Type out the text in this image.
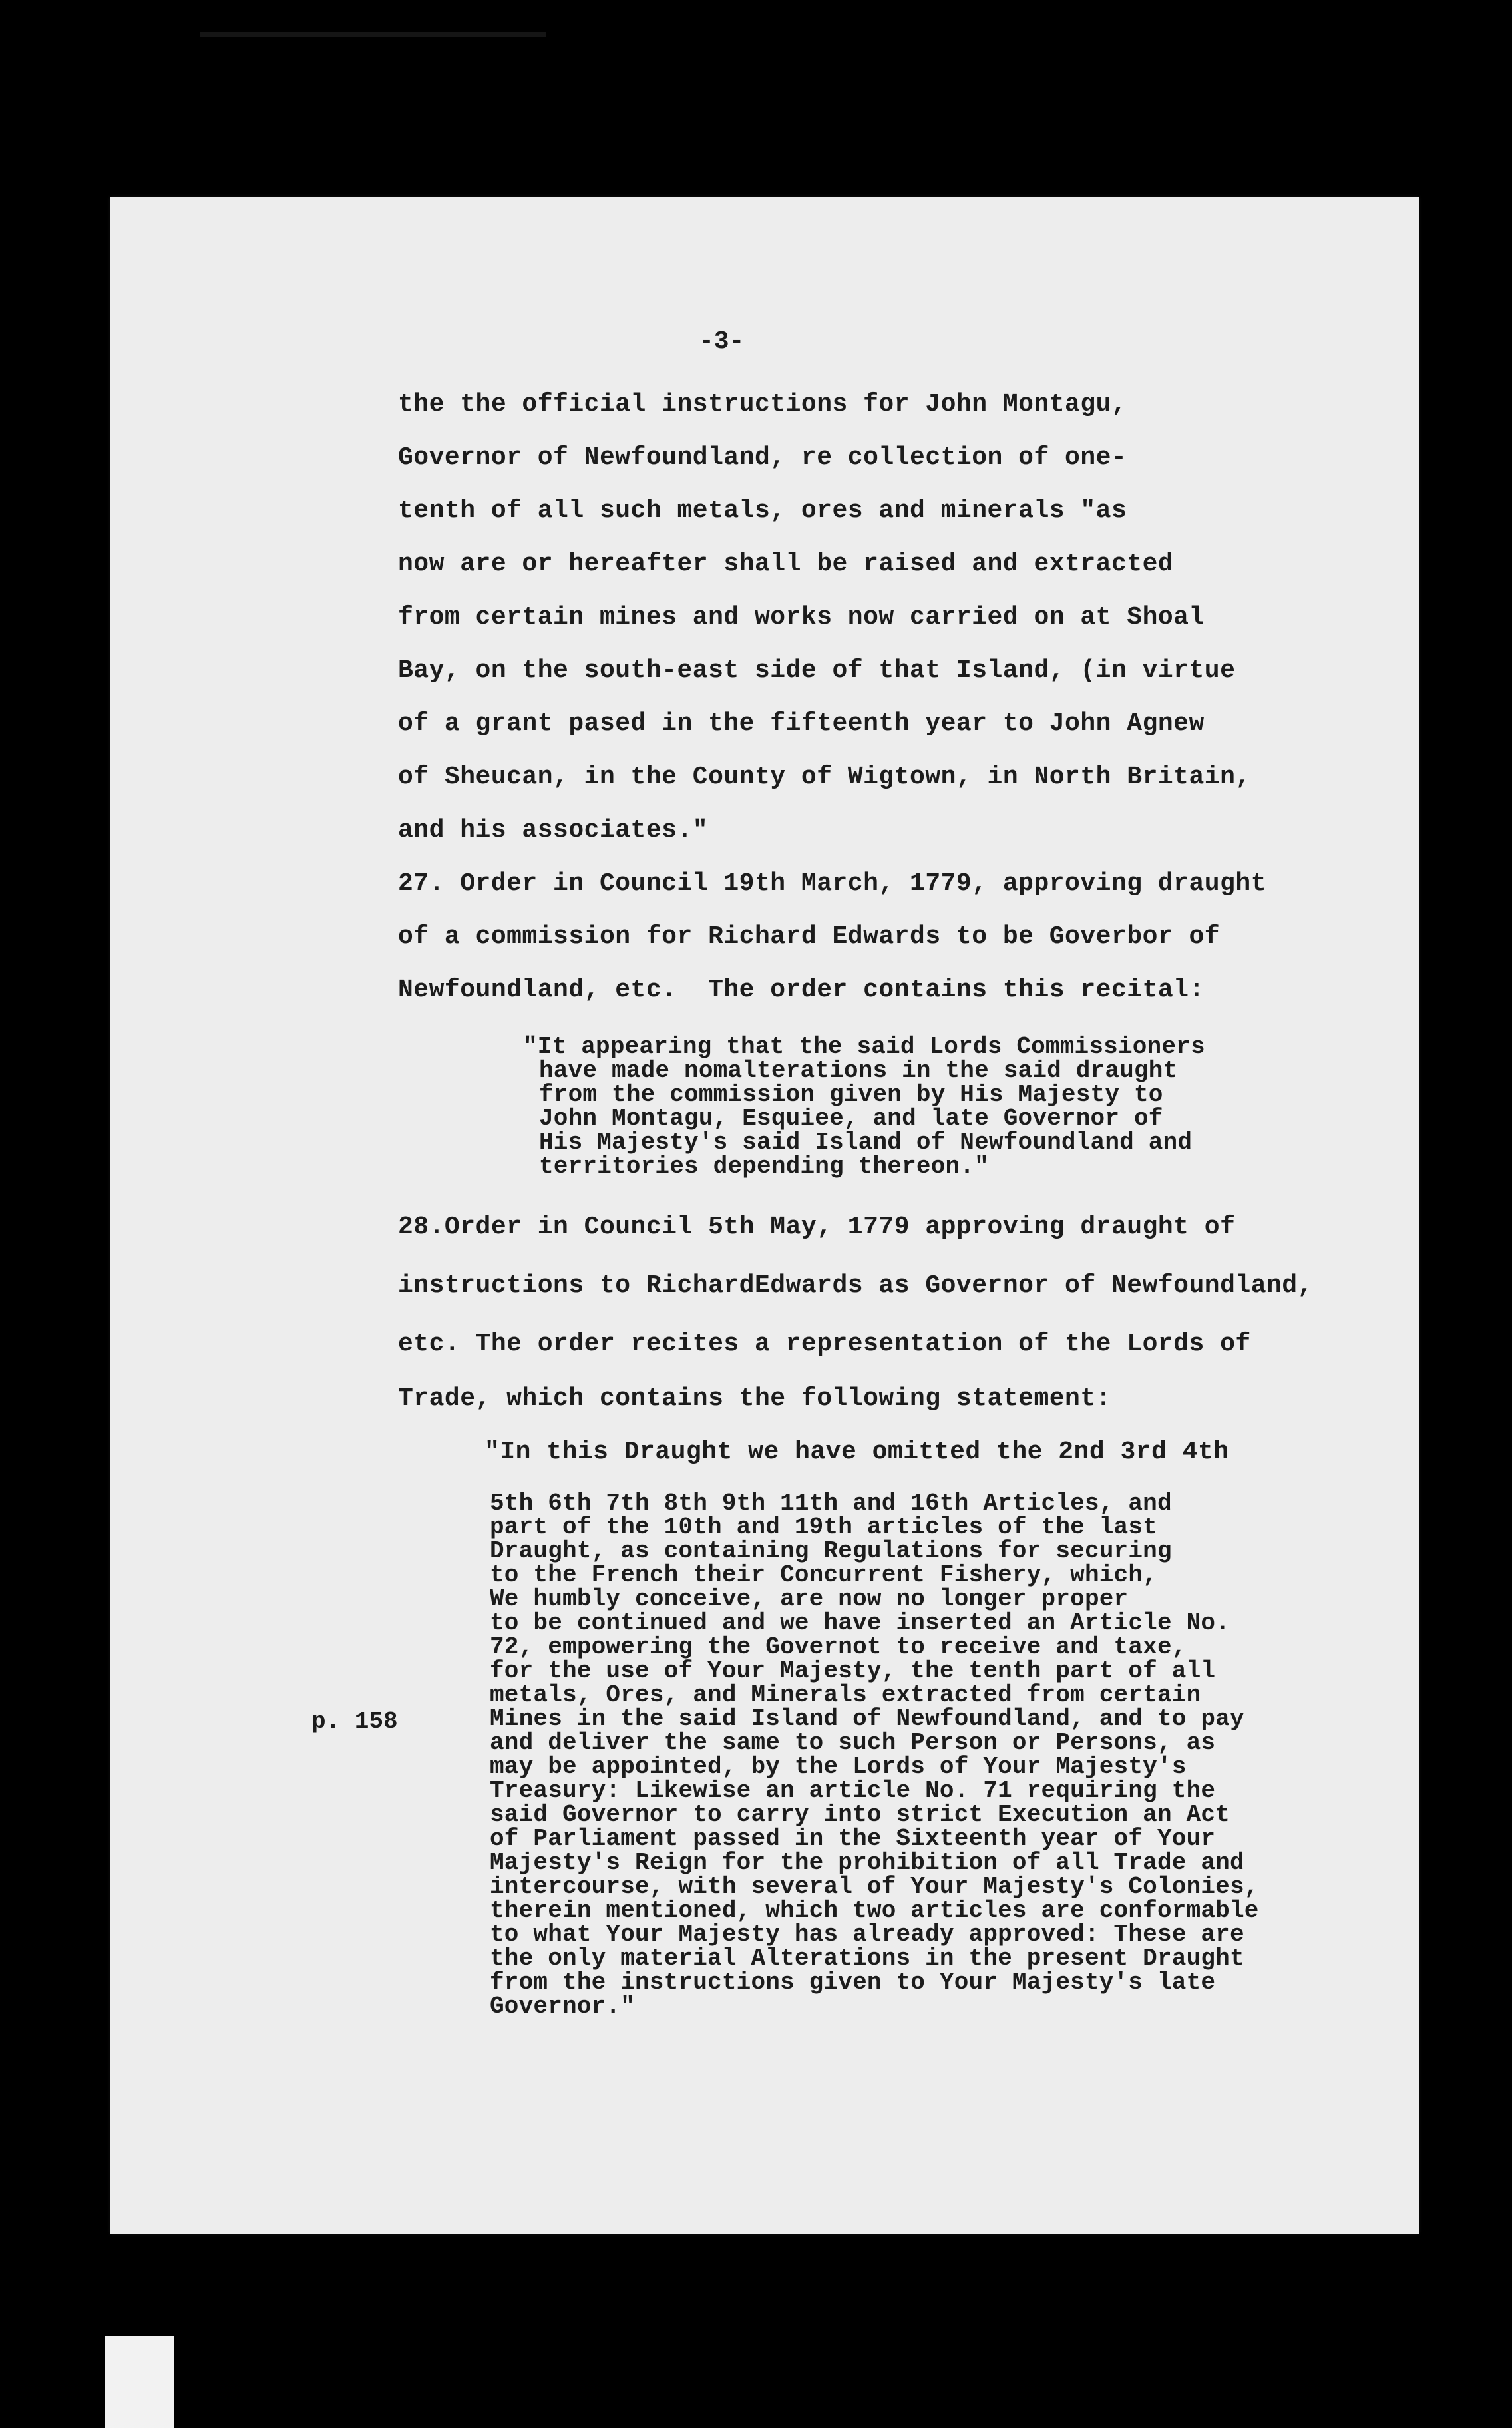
-3-

the the official instructions for John Montagu,

Governor of Newfoundland, re collection of one-

tenth of all such metals, ores and minerals "as

now are or hereafter shall be raised and extracted

from certain mines and works now carried on at Shoal

Bay, on the south-east side of that Island, (in virtue

of a grant pased in the fifteenth year to John Agnew

of Sheucan, in the County of Wigtown, in North Britain,

and his associates."

27. Order in Council 19th March, 1779, approving draught

of a commission for Richard Edwards to be Goverbor of

Newfoundland, etc.  The order contains this recital:

"It appearing that the said Lords Commissioners

have made nomalterations in the said draught

from the commission given by His Majesty to

John Montagu, Esquiee, and late Governor of

His Majesty's said Island of Newfoundland and

territories depending thereon."

28.Order in Council 5th May, 1779 approving draught of

instructions to RichardEdwards as Governor of Newfoundland,

etc. The order recites a representation of the Lords of

Trade, which contains the following statement:

"In this Draught we have omitted the 2nd 3rd 4th

p. 158

5th 6th 7th 8th 9th 11th and 16th Articles, and

part of the 10th and 19th articles of the last

Draught, as containing Regulations for securing

to the French their Concurrent Fishery, which,

We humbly conceive, are now no longer proper

to be continued and we have inserted an Article No.

72, empowering the Governot to receive and taxe,

for the use of Your Majesty, the tenth part of all

metals, Ores, and Minerals extracted from certain

Mines in the said Island of Newfoundland, and to pay

and deliver the same to such Person or Persons, as

may be appointed, by the Lords of Your Majesty's

Treasury: Likewise an article No. 71 requiring the

said Governor to carry into strict Execution an Act

of Parliament passed in the Sixteenth year of Your

Majesty's Reign for the prohibition of all Trade and

intercourse, with several of Your Majesty's Colonies,

therein mentioned, which two articles are conformable

to what Your Majesty has already approved: These are

the only material Alterations in the present Draught

from the instructions given to Your Majesty's late

Governor."
